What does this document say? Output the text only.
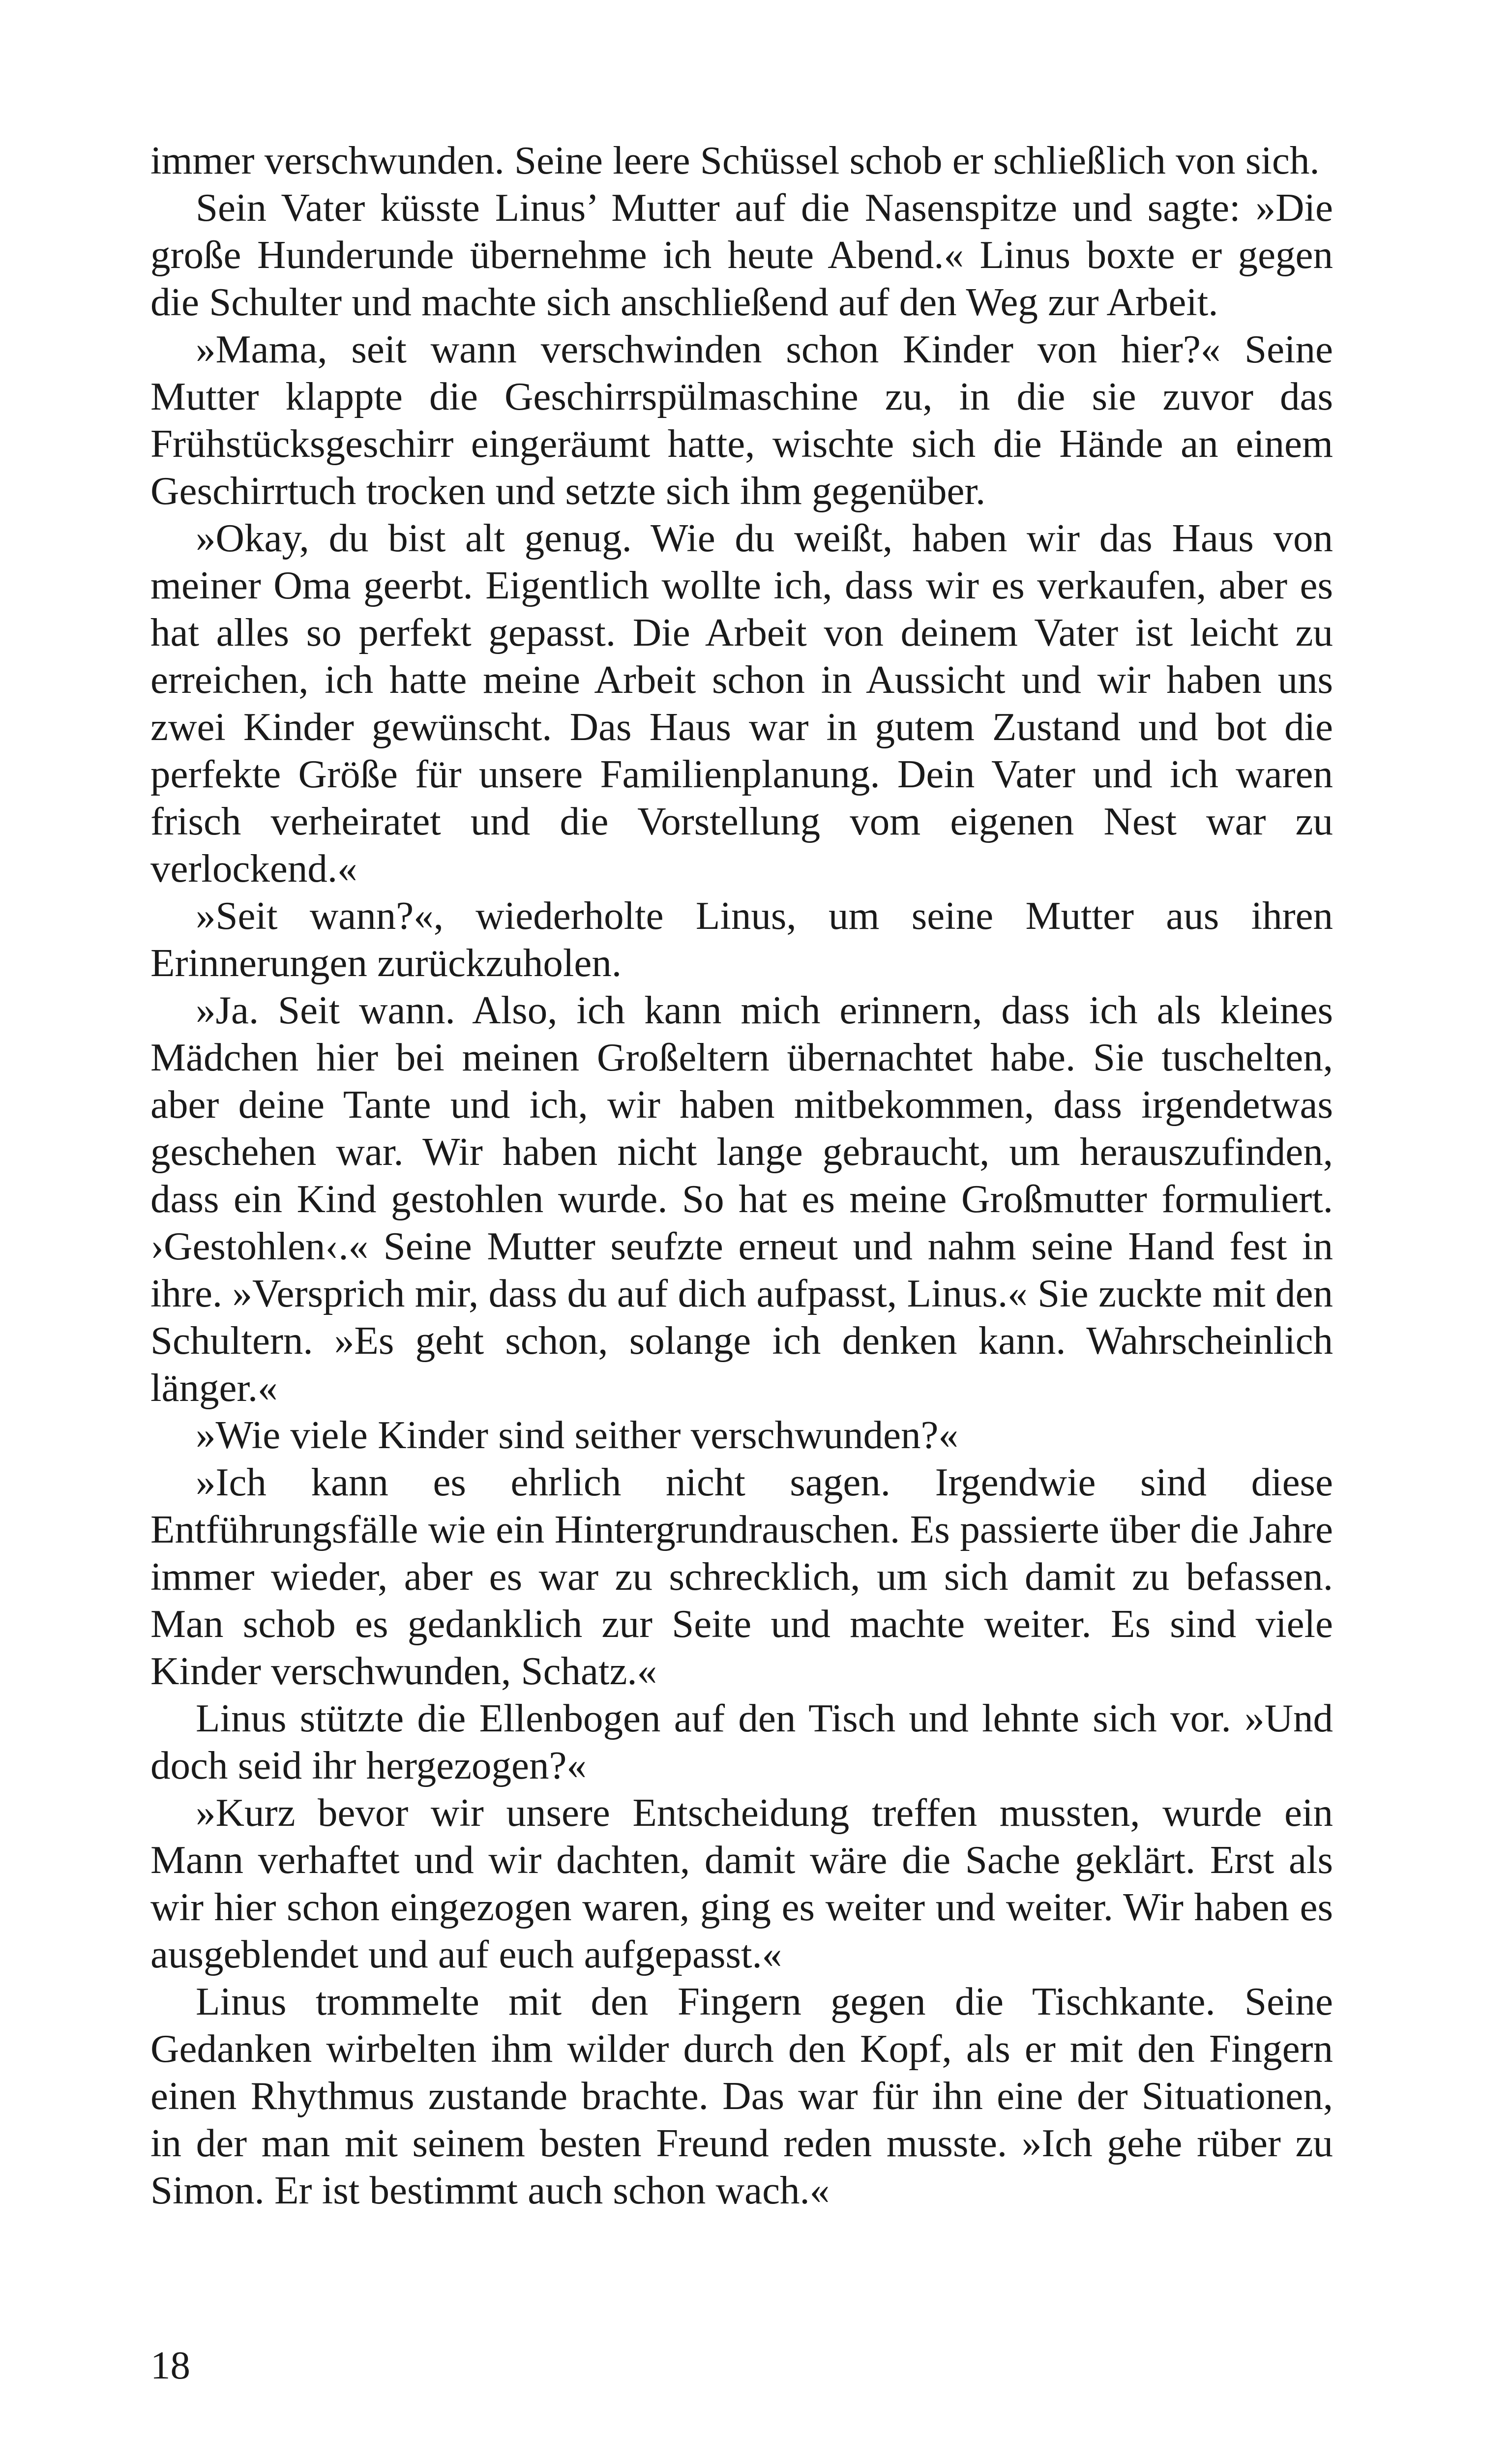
immer verschwunden. Seine leere Schüssel schob er schließlich von sich.

Sein Vater küsste Linus’ Mutter auf die Nasenspitze und sagte: »Die große Hunderunde übernehme ich heute Abend.« Linus boxte er gegen die Schulter und machte sich anschließend auf den Weg zur Arbeit.

»Mama, seit wann verschwinden schon Kinder von hier?« Seine Mutter klappte die Geschirrspülmaschine zu, in die sie zuvor das Frühstücksgeschirr eingeräumt hatte, wischte sich die Hände an einem Geschirrtuch trocken und setzte sich ihm gegenüber.

»Okay, du bist alt genug. Wie du weißt, haben wir das Haus von meiner Oma geerbt. Eigentlich wollte ich, dass wir es verkaufen, aber es hat alles so perfekt gepasst. Die Arbeit von deinem Vater ist leicht zu erreichen, ich hatte meine Arbeit schon in Aussicht und wir haben uns zwei Kinder gewünscht. Das Haus war in gutem Zustand und bot die perfekte Größe für unsere Familienplanung. Dein Vater und ich waren frisch verheiratet und die Vorstellung vom eigenen Nest war zu verlockend.«

»Seit wann?«, wiederholte Linus, um seine Mutter aus ihren Erinnerungen zurückzuholen.

»Ja. Seit wann. Also, ich kann mich erinnern, dass ich als kleines Mädchen hier bei meinen Großeltern übernachtet habe. Sie tuschelten, aber deine Tante und ich, wir haben mitbekommen, dass irgendetwas geschehen war. Wir haben nicht lange gebraucht, um herauszufinden, dass ein Kind gestohlen wurde. So hat es meine Großmutter formuliert. ›Gestohlen‹.« Seine Mutter seufzte erneut und nahm seine Hand fest in ihre. »Versprich mir, dass du auf dich aufpasst, Linus.« Sie zuckte mit den Schultern. »Es geht schon, solange ich denken kann. Wahrscheinlich länger.«

»Wie viele Kinder sind seither verschwunden?«

»Ich kann es ehrlich nicht sagen. Irgendwie sind diese Entführungsfälle wie ein Hintergrundrauschen. Es passierte über die Jahre immer wieder, aber es war zu schrecklich, um sich damit zu befassen. Man schob es gedanklich zur Seite und machte weiter. Es sind viele Kinder verschwunden, Schatz.«

Linus stützte die Ellenbogen auf den Tisch und lehnte sich vor. »Und doch seid ihr hergezogen?«

»Kurz bevor wir unsere Entscheidung treffen mussten, wurde ein Mann verhaftet und wir dachten, damit wäre die Sache geklärt. Erst als wir hier schon eingezogen waren, ging es weiter und weiter. Wir haben es ausgeblendet und auf euch aufgepasst.«

Linus trommelte mit den Fingern gegen die Tischkante. Seine Gedanken wirbelten ihm wilder durch den Kopf, als er mit den Fingern einen Rhythmus zustande brachte. Das war für ihn eine der Situationen, in der man mit seinem besten Freund reden musste. »Ich gehe rüber zu Simon. Er ist bestimmt auch schon wach.«

18
